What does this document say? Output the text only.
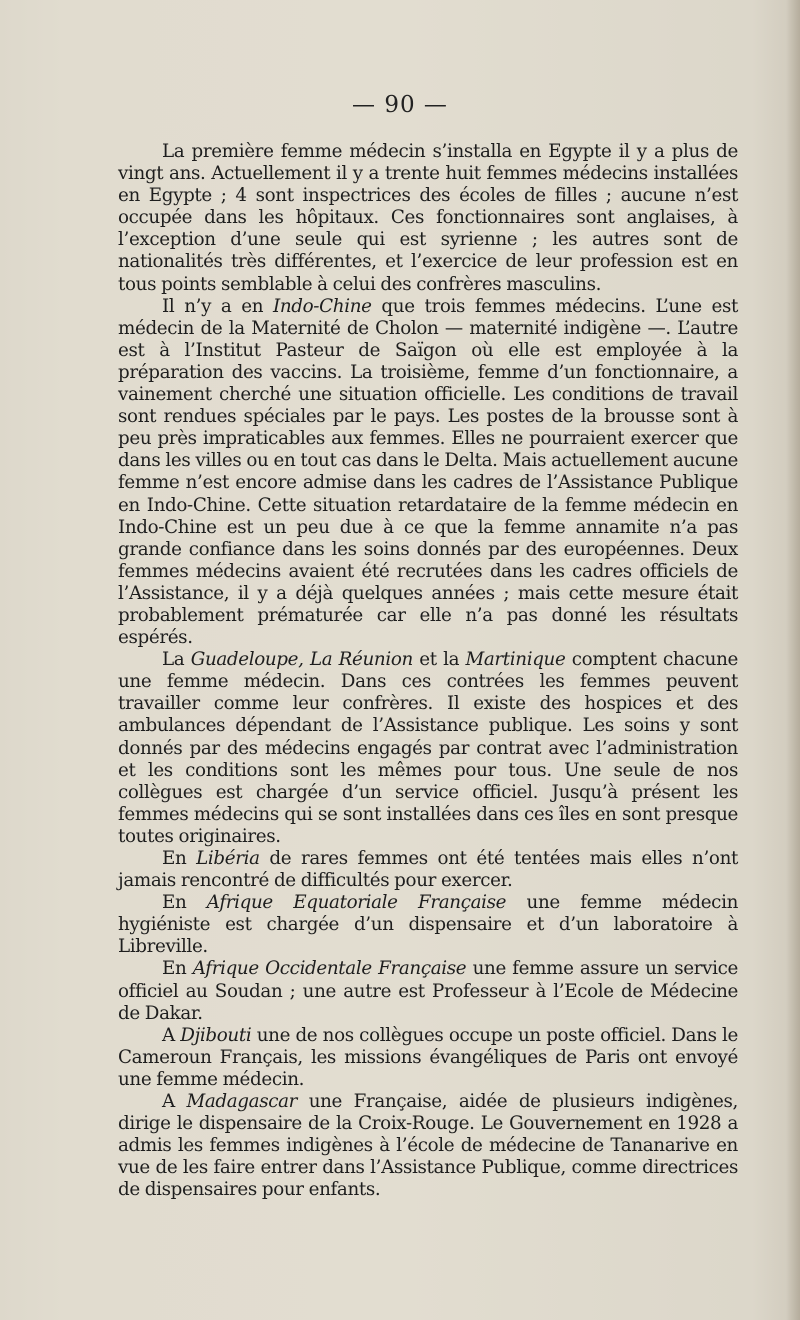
— 90 —

La première femme médecin s’installa en Egypte il y a plus de vingt ans. Actuellement il y a trente huit femmes médecins installées en Egypte ; 4 sont inspectrices des écoles de filles ; aucune n’est occupée dans les hôpitaux. Ces fonctionnaires sont anglaises, à l’exception d’une seule qui est syrienne ; les autres sont de nationalités très différentes, et l’exercice de leur profession est en tous points semblable à celui des confrères masculins.

Il n’y a en Indo-Chine que trois femmes médecins. L’une est médecin de la Maternité de Cholon — maternité indigène —. L’autre est à l’Institut Pasteur de Saïgon où elle est employée à la préparation des vaccins. La troisième, femme d’un fonctionnaire, a vainement cherché une situation officielle. Les conditions de travail sont rendues spéciales par le pays. Les postes de la brousse sont à peu près impraticables aux femmes. Elles ne pourraient exercer que dans les villes ou en tout cas dans le Delta. Mais actuellement aucune femme n’est encore admise dans les cadres de l’Assistance Publique en Indo-Chine. Cette situation retardataire de la femme médecin en Indo-Chine est un peu due à ce que la femme annamite n’a pas grande confiance dans les soins donnés par des européennes. Deux femmes médecins avaient été recrutées dans les cadres officiels de l’Assistance, il y a déjà quelques années ; mais cette mesure était probablement prématurée car elle n’a pas donné les résultats espérés.

La Guadeloupe, La Réunion et la Martinique comptent chacune une femme médecin. Dans ces contrées les femmes peuvent travailler comme leur confrères. Il existe des hospices et des ambulances dépendant de l’Assistance publique. Les soins y sont donnés par des médecins engagés par contrat avec l’administration et les conditions sont les mêmes pour tous. Une seule de nos collègues est chargée d’un service officiel. Jusqu’à présent les femmes médecins qui se sont installées dans ces îles en sont presque toutes originaires.

En Libéria de rares femmes ont été tentées mais elles n’ont jamais rencontré de difficultés pour exercer.

En Afrique Equatoriale Française une femme médecin hygiéniste est chargée d’un dispensaire et d’un laboratoire à Libreville.

En Afrique Occidentale Française une femme assure un service officiel au Soudan ; une autre est Professeur à l’Ecole de Médecine de Dakar.

A Djibouti une de nos collègues occupe un poste officiel. Dans le Cameroun Français, les missions évangéliques de Paris ont envoyé une femme médecin.

A Madagascar une Française, aidée de plusieurs indigènes, dirige le dispensaire de la Croix-Rouge. Le Gouvernement en 1928 a admis les femmes indigènes à l’école de médecine de Tananarive en vue de les faire entrer dans l’Assistance Publique, comme directrices de dispensaires pour enfants.
